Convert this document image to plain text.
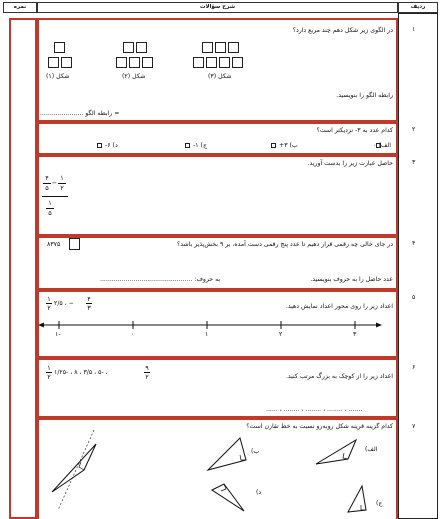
نمره	شرح سؤالات	ردیف
۱
در الگوی زیر شکل دهم چند مربع دارد؟
شکل (۱)	شکل (۲)	شکل (۳)
رابطه الگو را بنویسید.
= رابطه الگو ......................
۲
کدام عدد به ۳- نزدیکتر است؟
الف) ۰
ب) ۳+
ج) ۱-
د) ۶-
۳
حاصل عبارت زیر را بدست آورید.
۴
۵
−
۱
۲
۱
۵
۴
در جای خالی چه رقمی قرار دهیم تا عدد پنج رقمی دست آمده، بر ۹ بخش‌پذیر باشد؟
۸۳۷۵
عدد حاصل را به حروف بنویسید.
به حروف: ...............................................
۵
اعداد زیر را روی محور اعداد نمایش دهید.
۱
۲
۲/۵ ، −
۴
۳
۱-	۰	۱	۲	۳
۶
اعداد زیر را از کوچک به بزرگ مرتب کنید.
۱
۲
۱/۲۵- ، ۸ ، ۳/۵ ، ۵- ،
۹
۲
...... ، ........ ، ........ ، ........ ، .......
۷
کدام گزینه قرینه شکل روبه‌رو نسبت به خط تقارن است؟
الف)
ب)
د)
ج)
